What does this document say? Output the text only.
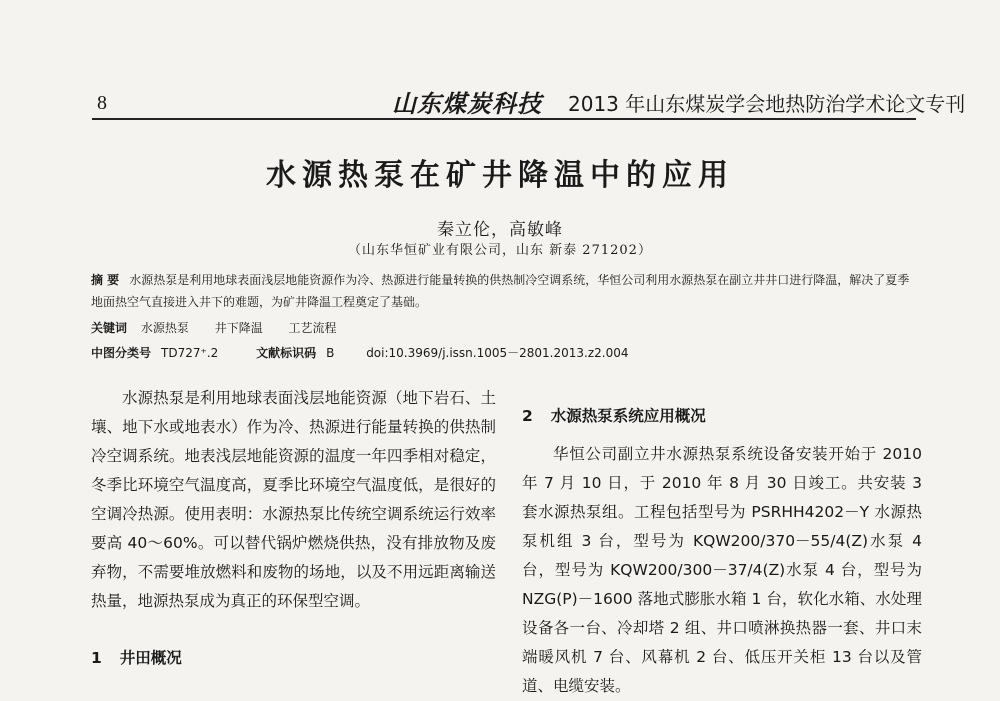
8	山东煤炭科技 2013 年山东煤炭学会地热防治学术论文专刊
水源热泵在矿井降温中的应用
秦立伦，高敏峰
（山东华恒矿业有限公司，山东 新泰 271202）
摘 要 水源热泵是利用地球表面浅层地能资源作为冷、热源进行能量转换的供热制冷空调系统，华恒公司利用水源热泵在副立井井口进行降温，解决了夏季地面热空气直接进入井下的难题，为矿井降温工程奠定了基础。
关键词 水源热泵 井下降温 工艺流程
中图分类号 TD727⁺.2	文献标识码 B	doi:10.3969/j.issn.1005－2801.2013.z2.004

水源热泵是利用地球表面浅层地能资源（地下岩石、土壤、地下水或地表水）作为冷、热源进行能量转换的供热制冷空调系统。地表浅层地能资源的温度一年四季相对稳定，冬季比环境空气温度高，夏季比环境空气温度低，是很好的空调冷热源。使用表明：水源热泵比传统空调系统运行效率要高 40～60%。可以替代锅炉燃烧供热，没有排放物及废弃物，不需要堆放燃料和废物的场地，以及不用远距离输送热量，地源热泵成为真正的环保型空调。

1 井田概况
2 水源热泵系统应用概况

华恒公司副立井水源热泵系统设备安装开始于 2010 年 7 月 10 日，于 2010 年 8 月 30 日竣工。共安装 3 套水源热泵组。工程包括型号为 PSRHH4202－Y 水源热泵机组 3 台，型号为 KQW200/370－55/4(Z)水泵 4 台，型号为 KQW200/300－37/4(Z)水泵 4 台，型号为 NZG(P)－1600 落地式膨胀水箱 1 台，软化水箱、水处理设备各一台、冷却塔 2 组、井口喷淋换热器一套、井口末端暖风机 7 台、风幕机 2 台、低压开关柜 13 台以及管道、电缆安装。
